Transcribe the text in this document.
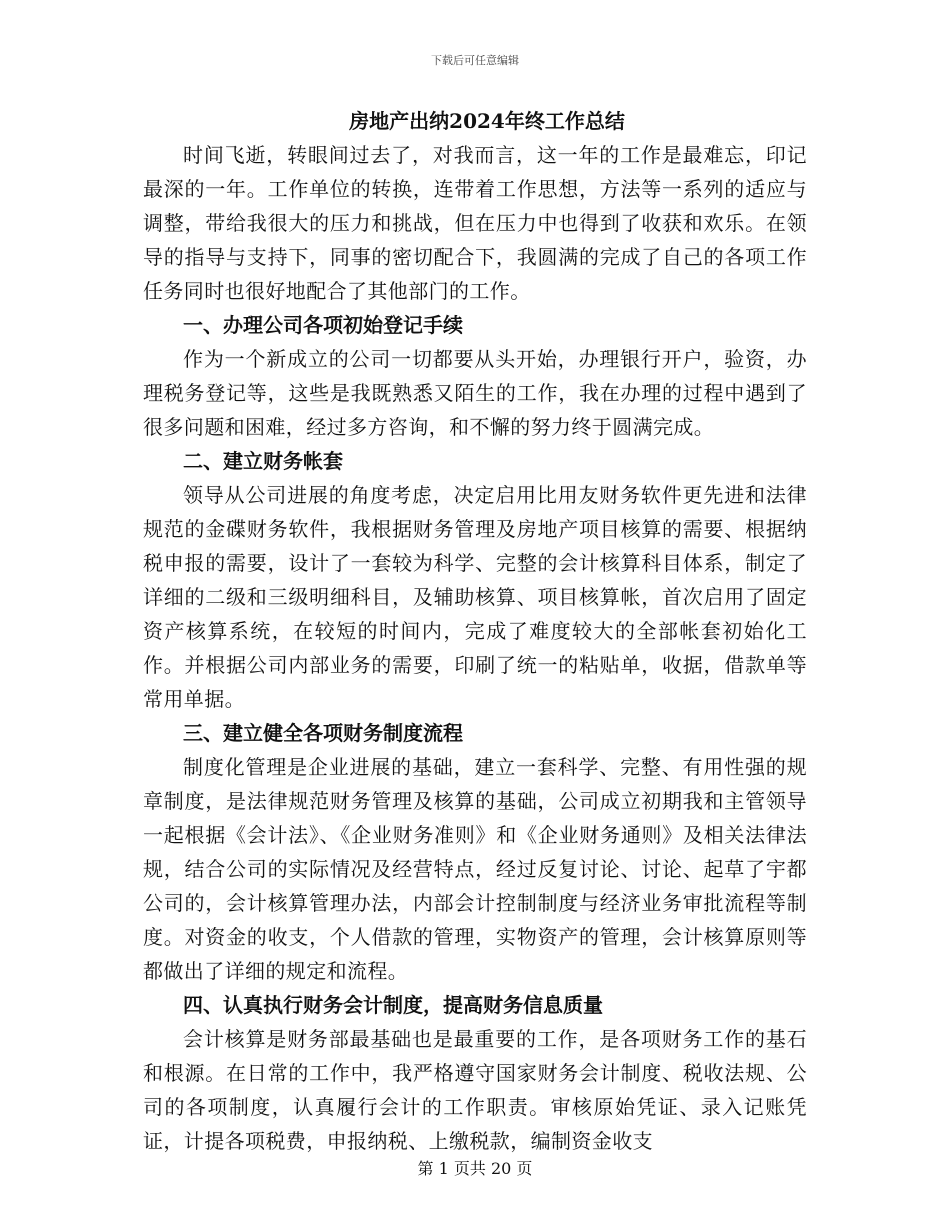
下载后可任意编辑

房地产出纳2024年终工作总结

时间飞逝，转眼间过去了，对我而言，这一年的工作是最难忘，印记最深的一年。工作单位的转换，连带着工作思想，方法等一系列的适应与调整，带给我很大的压力和挑战，但在压力中也得到了收获和欢乐。在领导的指导与支持下，同事的密切配合下，我圆满的完成了自己的各项工作任务同时也很好地配合了其他部门的工作。

一、办理公司各项初始登记手续

作为一个新成立的公司一切都要从头开始，办理银行开户，验资，办理税务登记等，这些是我既熟悉又陌生的工作，我在办理的过程中遇到了很多问题和困难，经过多方咨询，和不懈的努力终于圆满完成。

二、建立财务帐套

领导从公司进展的角度考虑，决定启用比用友财务软件更先进和法律规范的金碟财务软件，我根据财务管理及房地产项目核算的需要、根据纳税申报的需要，设计了一套较为科学、完整的会计核算科目体系，制定了详细的二级和三级明细科目，及辅助核算、项目核算帐，首次启用了固定资产核算系统，在较短的时间内，完成了难度较大的全部帐套初始化工作。并根据公司内部业务的需要，印刷了统一的粘贴单，收据，借款单等常用单据。

三、建立健全各项财务制度流程

制度化管理是企业进展的基础，建立一套科学、完整、有用性强的规章制度，是法律规范财务管理及核算的基础，公司成立初期我和主管领导一起根据《会计法》、《企业财务准则》和《企业财务通则》及相关法律法规，结合公司的实际情况及经营特点，经过反复讨论、讨论、起草了宇都公司的，会计核算管理办法，内部会计控制制度与经济业务审批流程等制度。对资金的收支，个人借款的管理，实物资产的管理，会计核算原则等都做出了详细的规定和流程。

四、认真执行财务会计制度，提高财务信息质量

会计核算是财务部最基础也是最重要的工作，是各项财务工作的基石和根源。在日常的工作中，我严格遵守国家财务会计制度、税收法规、公司的各项制度，认真履行会计的工作职责。审核原始凭证、录入记账凭证，计提各项税费，申报纳税、上缴税款，编制资金收支

第 1 页共 20 页
